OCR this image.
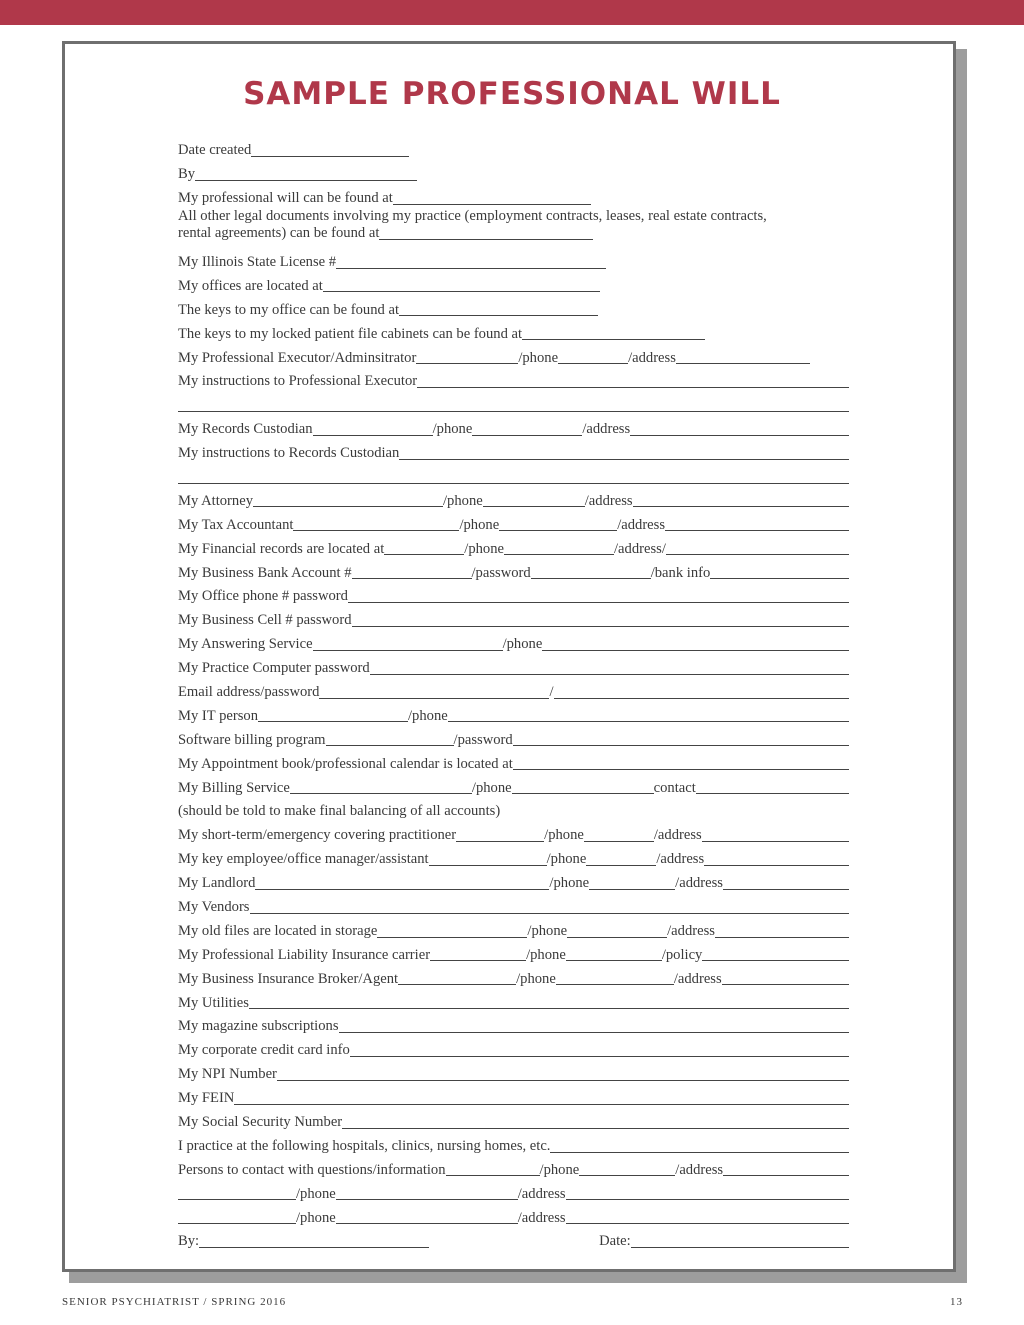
SAMPLE PROFESSIONAL WILL
Date created
By
My professional will can be found at
All other legal documents involving my practice (employment contracts, leases, real estate contracts,
rental agreements) can be found at
My Illinois State License #
My offices are located at
The keys to my office can be found at
The keys to my locked patient file cabinets can be found at
My Professional Executor/Adminsitrator	/phone	/address
My instructions to Professional Executor
My Records Custodian	/phone	/address
My instructions to Records Custodian
My Attorney	/phone	/address
My Tax Accountant	/phone	/address
My Financial records are located at	/phone	/address/
My Business Bank Account #	/password	/bank info
My Office phone # password
My Business Cell # password
My Answering Service	/phone
My Practice Computer password
Email address/password	/
My IT person	/phone
Software billing program	/password
My Appointment book/professional calendar is located at
My Billing Service	/phone	contact
(should be told to make final balancing of all accounts)
My short-term/emergency covering practitioner	/phone	/address
My key employee/office manager/assistant	/phone	/address
My Landlord	/phone	/address
My Vendors
My old files are located in storage	/phone	/address
My Professional Liability Insurance carrier	/phone	/policy
My Business Insurance Broker/Agent	/phone	/address
My Utilities
My magazine subscriptions
My corporate credit card info
My NPI Number
My FEIN
My Social Security Number
I practice at the following hospitals, clinics, nursing homes, etc.
Persons to contact with questions/information	/phone	/address
/phone	/address
/phone	/address
By:	Date:
SENIOR PSYCHIATRIST / SPRING 2016	13
